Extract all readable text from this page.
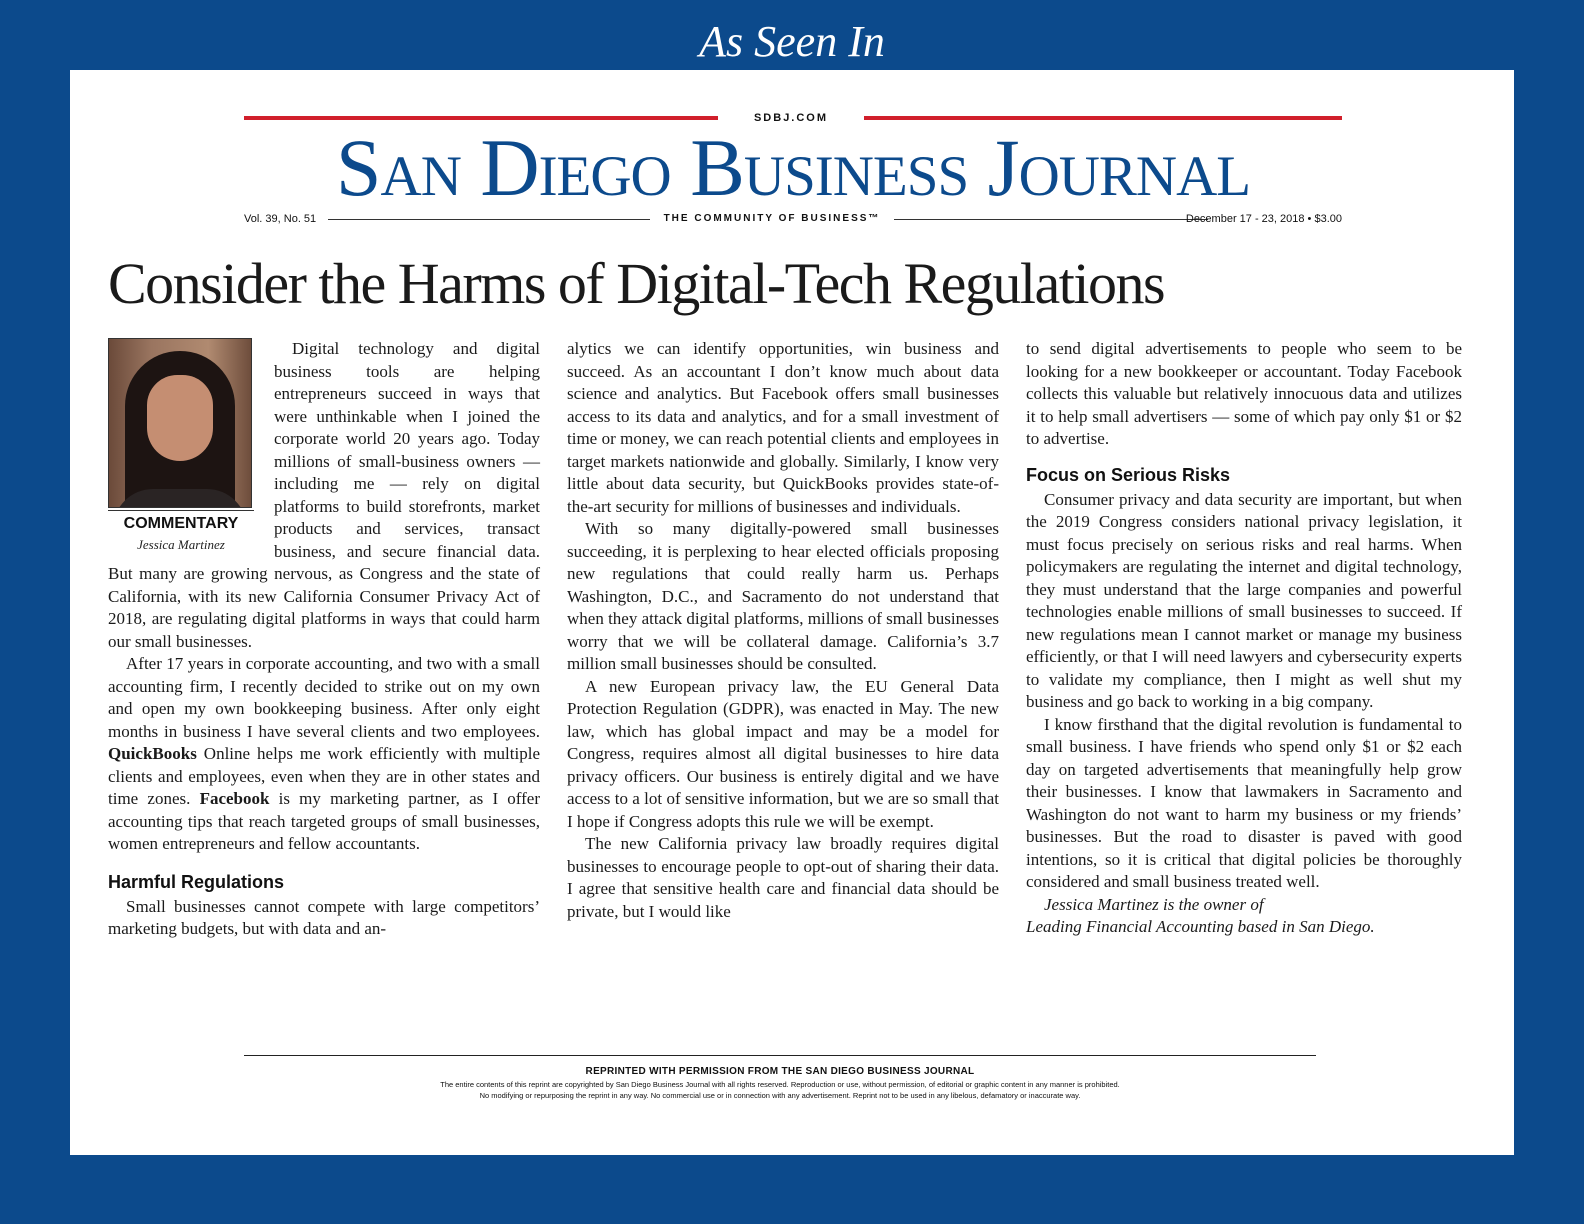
As Seen In
SDBJ.COM
San Diego Business Journal
Vol. 39, No. 51	THE COMMUNITY OF BUSINESS™	December 17 - 23, 2018 • $3.00
Consider the Harms of Digital-Tech Regulations
COMMENTARY
Jessica Martinez

Digital technology and digital business tools are helping entrepreneurs succeed in ways that were unthinkable when I joined the corporate world 20 years ago. Today millions of small-business owners — including me — rely on digital platforms to build storefronts, market products and services, transact business, and secure financial data. But many are growing nervous, as Congress and the state of California, with its new California Consumer Privacy Act of 2018, are regulating digital platforms in ways that could harm our small businesses.

After 17 years in corporate accounting, and two with a small accounting firm, I recently decided to strike out on my own and open my own bookkeeping business. After only eight months in business I have several clients and two employees. QuickBooks Online helps me work efficiently with multiple clients and employees, even when they are in other states and time zones. Facebook is my marketing partner, as I offer accounting tips that reach targeted groups of small businesses, women entrepreneurs and fellow accountants.

Harmful Regulations

Small businesses cannot compete with large competitors’ marketing budgets, but with data and an-

alytics we can identify opportunities, win business and succeed. As an accountant I don’t know much about data science and analytics. But Facebook offers small businesses access to its data and analytics, and for a small investment of time or money, we can reach potential clients and employees in target markets nationwide and globally. Similarly, I know very little about data security, but QuickBooks provides state-of-the-art security for millions of businesses and individuals.

With so many digitally-powered small businesses succeeding, it is perplexing to hear elected officials proposing new regulations that could really harm us. Perhaps Washington, D.C., and Sacramento do not understand that when they attack digital platforms, millions of small businesses worry that we will be collateral damage. California’s 3.7 million small businesses should be consulted.

A new European privacy law, the EU General Data Protection Regulation (GDPR), was enacted in May. The new law, which has global impact and may be a model for Congress, requires almost all digital businesses to hire data privacy officers. Our business is entirely digital and we have access to a lot of sensitive information, but we are so small that I hope if Congress adopts this rule we will be exempt.

The new California privacy law broadly requires digital businesses to encourage people to opt-out of sharing their data. I agree that sensitive health care and financial data should be private, but I would like

to send digital advertisements to people who seem to be looking for a new bookkeeper or accountant. Today Facebook collects this valuable but relatively innocuous data and utilizes it to help small advertisers — some of which pay only $1 or $2 to advertise.

Focus on Serious Risks

Consumer privacy and data security are important, but when the 2019 Congress considers national privacy legislation, it must focus precisely on serious risks and real harms. When policymakers are regulating the internet and digital technology, they must understand that the large companies and powerful technologies enable millions of small businesses to succeed. If new regulations mean I cannot market or manage my business efficiently, or that I will need lawyers and cybersecurity experts to validate my compliance, then I might as well shut my business and go back to working in a big company.

I know firsthand that the digital revolution is fundamental to small business. I have friends who spend only $1 or $2 each day on targeted advertisements that meaningfully help grow their businesses. I know that lawmakers in Sacramento and Washington do not want to harm my business or my friends’ businesses. But the road to disaster is paved with good intentions, so it is critical that digital policies be thoroughly considered and small business treated well.

Jessica Martinez is the owner of

Leading Financial Accounting based in San Diego.

REPRINTED WITH PERMISSION FROM THE SAN DIEGO BUSINESS JOURNAL
The entire contents of this reprint are copyrighted by San Diego Business Journal with all rights reserved. Reproduction or use, without permission, of editorial or graphic content in any manner is prohibited.
No modifying or repurposing the reprint in any way. No commercial use or in connection with any advertisement. Reprint not to be used in any libelous, defamatory or inaccurate way.
